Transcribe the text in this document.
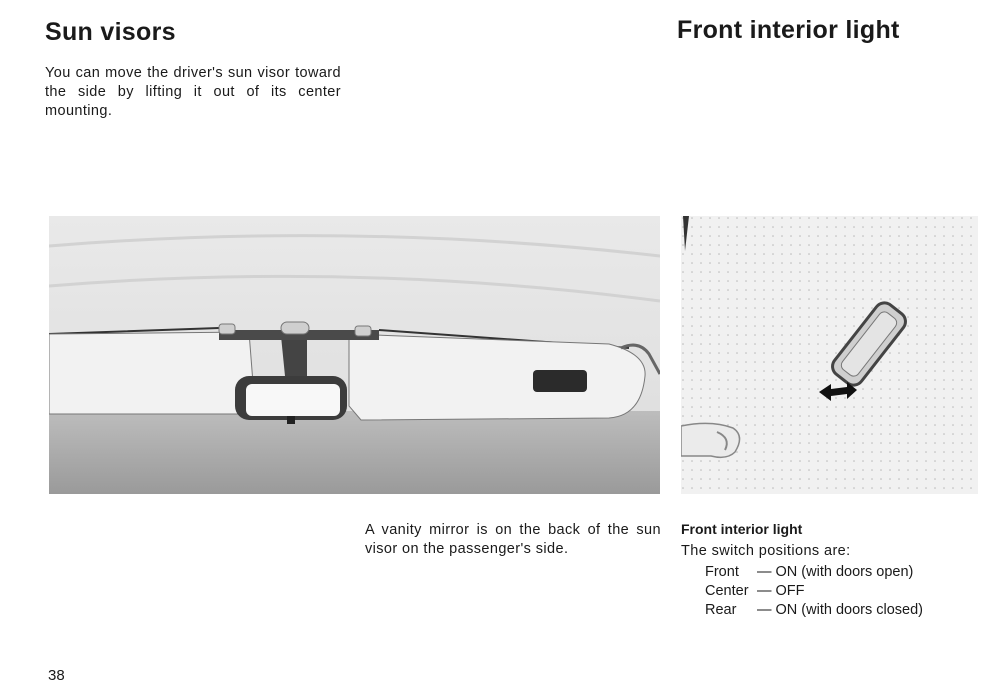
Sun visors
You can move the driver's sun visor toward the side by lifting it out of its center mounting.
A vanity mirror is on the back of the sun visor on the passenger's side.
Front interior light
Front interior light
The switch positions are:
Front	— ON (with doors open)
Center — OFF
Rear	— ON (with doors closed)
38
